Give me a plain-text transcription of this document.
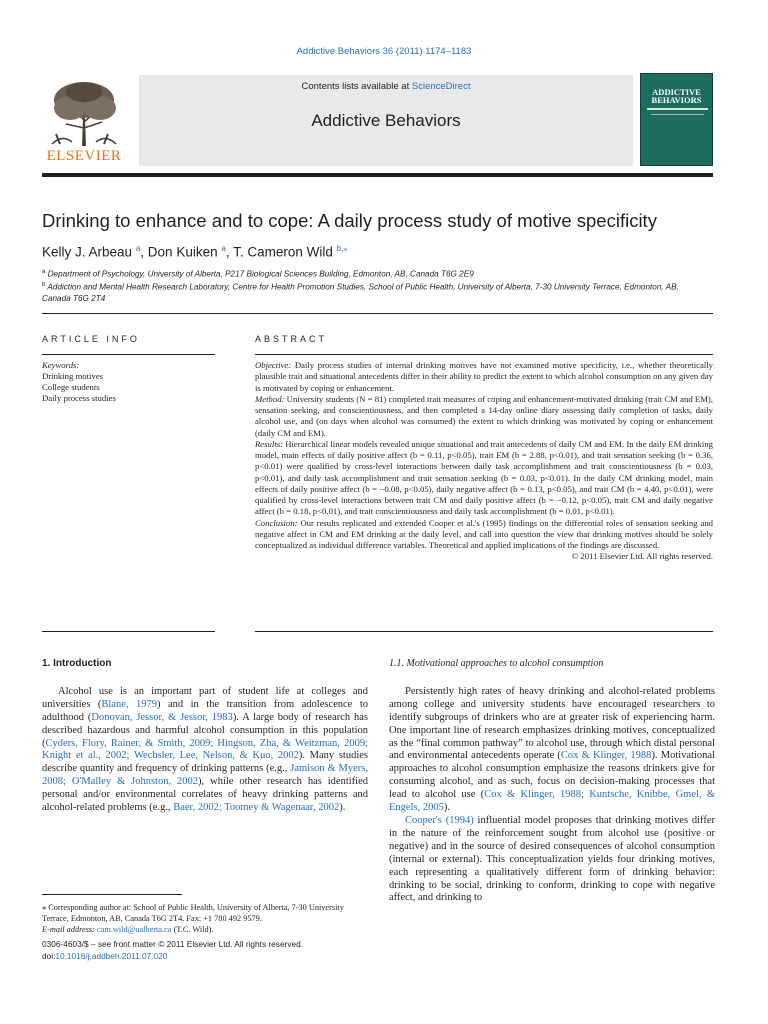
Addictive Behaviors 36 (2011) 1174–1183
ELSEVIER
Contents lists available at ScienceDirect
Addictive Behaviors
ADDICTIVE BEHAVIORS
Drinking to enhance and to cope: A daily process study of motive specificity
Kelly J. Arbeau $^a$, Don Kuiken $^a$, T. Cameron Wild $^{b,⁎}$
$^a$ Department of Psychology, University of Alberta, P217 Biological Sciences Building, Edmonton, AB, Canada T6G 2E9
$^b$ Addiction and Mental Health Research Laboratory, Centre for Health Promotion Studies, School of Public Health, University of Alberta, 7-30 University Terrace, Edmonton, AB, Canada T6G 2T4
ARTICLE INFO
Keywords:
Drinking motives
College students
Daily process studies
ABSTRACT

Objective: Daily process studies of internal drinking motives have not examined motive specificity, i.e., whether theoretically plausible trait and situational antecedents differ in their ability to predict the extent to which alcohol consumption on any given day is motivated by coping or enhancement.

Method: University students (N = 81) completed trait measures of coping and enhancement-motivated drinking (trait CM and EM), sensation seeking, and conscientiousness, and then completed a 14-day online diary assessing daily completion of tasks, daily alcohol use, and (on days when alcohol was consumed) the extent to which drinking was motivated by coping or enhancement (daily CM and EM).

Results: Hierarchical linear models revealed unique situational and trait antecedents of daily CM and EM. In the daily EM drinking model, main effects of daily positive affect (b = 0.11, p<0.05), trait EM (b = 2.88, p<0.01), and trait sensation seeking (b = 0.36, p<0.01) were qualified by cross-level interactions between daily task accomplishment and trait conscientiousness (b = 0.03, p<0.01), and daily task accomplishment and trait sensation seeking (b = 0.03, p<0.01). In the daily CM drinking model, main effects of daily positive affect (b = −0.08, p<0.05), daily negative affect (b = 0.13, p<0.05), and trait CM (b = 4.40, p<0.01), were qualified by cross-level interactions between trait CM and daily positive affect (b = −0.12, p<0.05), trait CM and daily negative affect (b = 0.18, p<0.01), and trait conscientiousness and daily task accomplishment (b = 0.01, p<0.01).

Conclusion: Our results replicated and extended Cooper et al.'s (1995) findings on the differential roles of sensation seeking and negative affect in CM and EM drinking at the daily level, and call into question the view that drinking motives should be solely conceptualized as individual difference variables. Theoretical and applied implications of the findings are discussed.

© 2011 Elsevier Ltd. All rights reserved.

1. Introduction

Alcohol use is an important part of student life at colleges and universities (Blane, 1979) and in the transition from adolescence to adulthood (Donovan, Jessor, & Jessor, 1983). A large body of research has described hazardous and harmful alcohol consumption in this population (Cyders, Flory, Rainer, & Smith, 2009; Hingson, Zha, & Weitzman, 2009; Knight et al., 2002; Wechsler, Lee, Nelson, & Kuo, 2002). Many studies describe quantity and frequency of drinking patterns (e.g., Jamison & Myers, 2008; O'Malley & Johnston, 2002), while other research has identified personal and/or environmental correlates of heavy drinking patterns and alcohol-related problems (e.g., Baer, 2002; Toomey & Wagenaar, 2002).

1.1. Motivational approaches to alcohol consumption

Persistently high rates of heavy drinking and alcohol-related problems among college and university students have encouraged researchers to identify subgroups of drinkers who are at greater risk of experiencing harm. One important line of research emphasizes drinking motives, conceptualized as the “final common pathway” to alcohol use, through which distal personal and environmental antecedents operate (Cox & Klinger, 1988). Motivational approaches to alcohol consumption emphasize the reasons drinkers give for consuming alcohol, and as such, focus on decision-making processes that lead to alcohol use (Cox & Klinger, 1988; Kuntsche, Knibbe, Gmel, & Engels, 2005).

Cooper's (1994) influential model proposes that drinking motives differ in the nature of the reinforcement sought from alcohol use (positive or negative) and in the source of desired consequences of alcohol consumption (internal or external). This conceptualization yields four drinking motives, each representing a qualitatively different form of drinking behavior: drinking to be social, drinking to conform, drinking to cope with negative affect, and drinking to

⁎ Corresponding author at: School of Public Health, University of Alberta, 7-30 University Terrace, Edmonton, AB, Canada T6G 2T4. Fax: +1 780 492 9579.
E-mail address: cam.wild@ualberta.ca (T.C. Wild).
0306-4603/$ – see front matter © 2011 Elsevier Ltd. All rights reserved.
doi:10.1016/j.addbeh.2011.07.020
